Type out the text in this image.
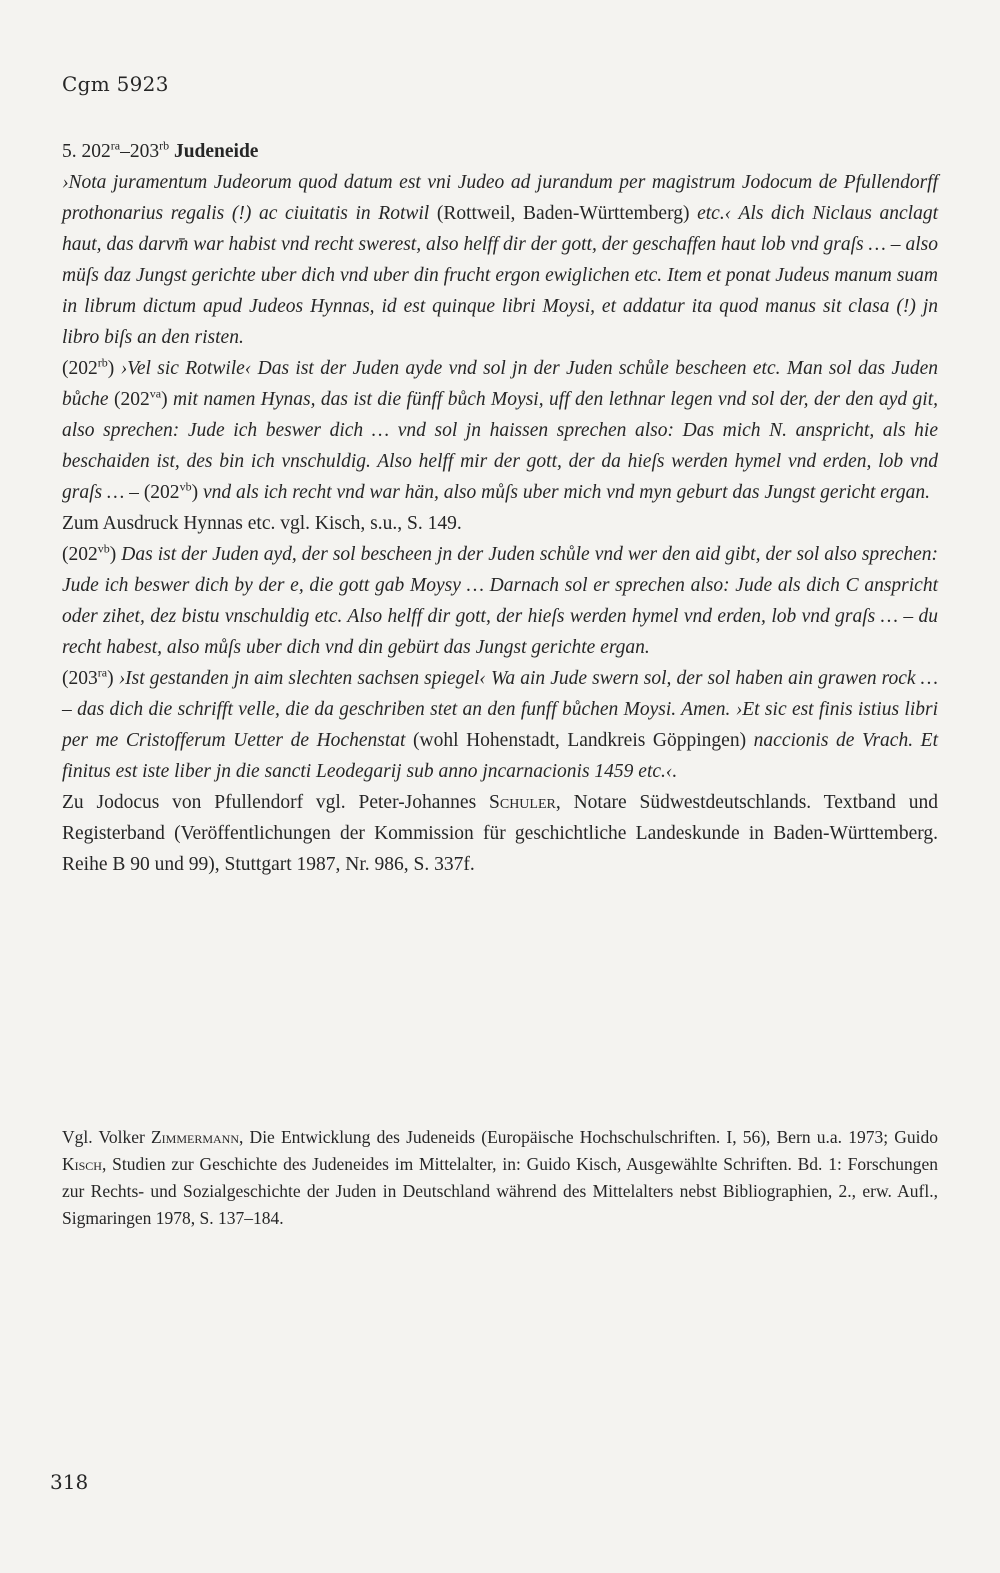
Cgm 5923

5. $202^{ra}-203^{rb}$ Judeneide

›Nota juramentum Judeorum quod datum est vni Judeo ad jurandum per magistrum Jodocum de Pfullendorff prothonarius regalis (!) ac ciuitatis in Rotwil (Rottweil, Baden-Württemberg) etc.‹ Als dich Niclaus anclagt haut, das darvm̄ war habist vnd recht swerest, also helff dir der gott, der geschaffen haut lob vnd graſs … – also müſs daz Jungst gerichte uber dich vnd uber din frucht ergon ewiglichen etc. Item et ponat Judeus manum suam in librum dictum apud Judeos Hynnas, id est quinque libri Moysi, et addatur ita quod manus sit clasa (!) jn libro biſs an den risten.

$(202^{rb})$ ›Vel sic Rotwile‹ Das ist der Juden ayde vnd sol jn der Juden schůle bescheen etc. Man sol das Juden bůche $(202^{va})$ mit namen Hynas, das ist die fünff bůch Moysi, uff den lethnar legen vnd sol der, der den ayd git, also sprechen: Jude ich beswer dich … vnd sol jn haissen sprechen also: Das mich N. anspricht, als hie beschaiden ist, des bin ich vnschuldig. Also helff mir der gott, der da hieſs werden hymel vnd erden, lob vnd graſs … – $(202^{vb})$ vnd als ich recht vnd war hän, also můſs uber mich vnd myn geburt das Jungst gericht ergan.

Zum Ausdruck Hynnas etc. vgl. Kisch, s.u., S. 149.

$(202^{vb})$ Das ist der Juden ayd, der sol bescheen jn der Juden schůle vnd wer den aid gibt, der sol also sprechen: Jude ich beswer dich by der e, die gott gab Moysy … Darnach sol er sprechen also: Jude als dich C anspricht oder zihet, dez bistu vnschuldig etc. Also helff dir gott, der hieſs werden hymel vnd erden, lob vnd graſs … – du recht habest, also můſs uber dich vnd din gebürt das Jungst gerichte ergan.

$(203^{ra})$ ›Ist gestanden jn aim slechten sachsen spiegel‹ Wa ain Jude swern sol, der sol haben ain grawen rock … – das dich die schrifft velle, die da geschriben stet an den funff bůchen Moysi. Amen. ›Et sic est finis istius libri per me Cristofferum Uetter de Hochenstat (wohl Hohenstadt, Landkreis Göppingen) naccionis de Vrach. Et finitus est iste liber jn die sancti Leodegarij sub anno jncarnacionis 1459 etc.‹.

Zu Jodocus von Pfullendorf vgl. Peter-Johannes Schuler, Notare Südwestdeutschlands. Textband und Registerband (Veröffentlichungen der Kommission für geschichtliche Landeskunde in Baden-Württemberg. Reihe B 90 und 99), Stuttgart 1987, Nr. 986, S. 337f.

Vgl. Volker Zimmermann, Die Entwicklung des Judeneids (Europäische Hochschulschriften. I, 56), Bern u.a. 1973; Guido Kisch, Studien zur Geschichte des Judeneides im Mittelalter, in: Guido Kisch, Ausgewählte Schriften. Bd. 1: Forschungen zur Rechts- und Sozialgeschichte der Juden in Deutschland während des Mittelalters nebst Bibliographien, 2., erw. Aufl., Sigmaringen 1978, S. 137–184.
318
